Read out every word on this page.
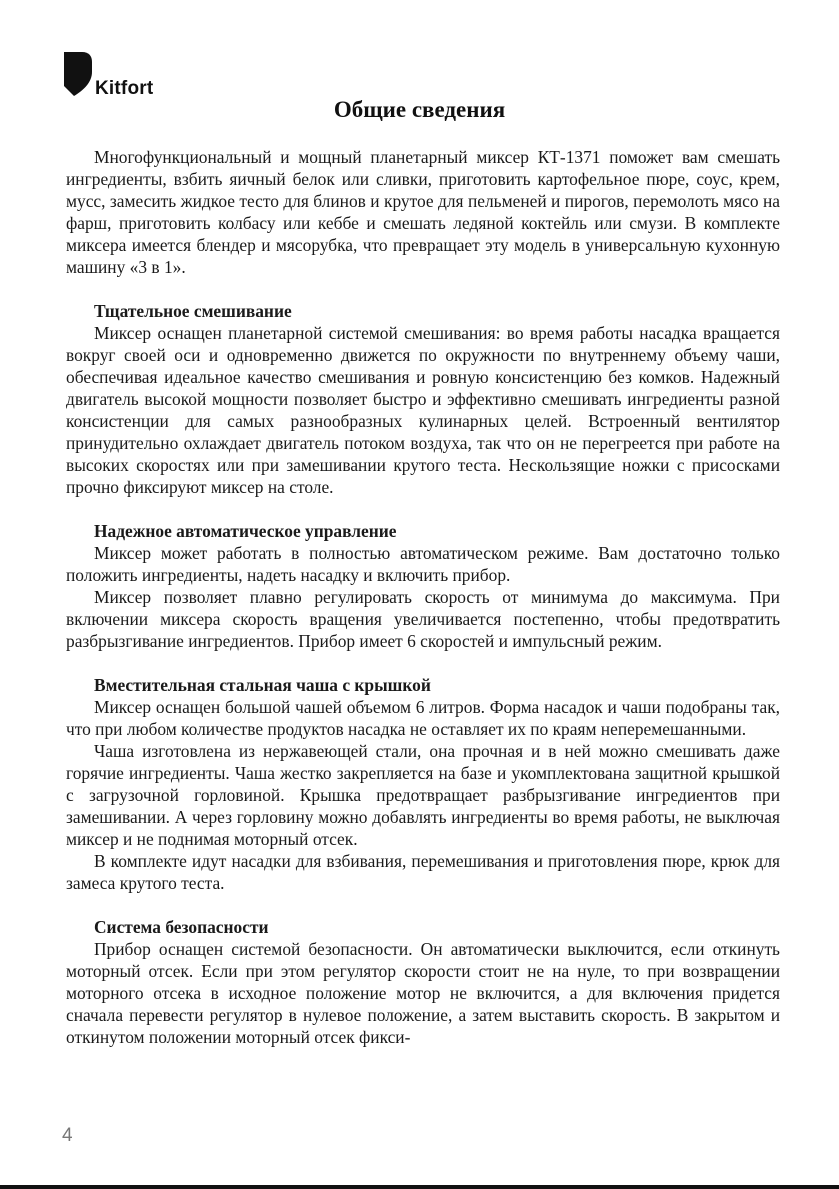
Kitfort
Общие сведения

Многофункциональный и мощный планетарный миксер КТ-1371 поможет вам смешать ингредиенты, взбить яичный белок или сливки, приготовить картофельное пюре, соус, крем, мусс, замесить жидкое тесто для блинов и крутое для пельменей и пирогов, перемолоть мясо на фарш, приготовить колбасу или кеббе и смешать ледяной коктейль или смузи. В комплекте миксера имеется блендер и мясорубка, что превращает эту модель в универсальную кухонную машину «3 в 1».

Тщательное смешивание

Миксер оснащен планетарной системой смешивания: во время работы насадка вращается вокруг своей оси и одновременно движется по окружности по внутреннему объему чаши, обеспечивая идеальное качество смешивания и ровную консистенцию без комков. Надежный двигатель высокой мощности позволяет быстро и эффективно смешивать ингредиенты разной консистенции для самых разнообразных кулинарных целей. Встроенный вентилятор принудительно охлаждает двигатель потоком воздуха, так что он не перегреется при работе на высоких скоростях или при замешивании крутого теста. Нескользящие ножки с присосками прочно фиксируют миксер на столе.

Надежное автоматическое управление

Миксер может работать в полностью автоматическом режиме. Вам достаточно только положить ингредиенты, надеть насадку и включить прибор.

Миксер позволяет плавно регулировать скорость от минимума до максимума. При включении миксера скорость вращения увеличивается постепенно, чтобы предотвратить разбрызгивание ингредиентов. Прибор имеет 6 скоростей и импульсный режим.

Вместительная стальная чаша с крышкой

Миксер оснащен большой чашей объемом 6 литров. Форма насадок и чаши подобраны так, что при любом количестве продуктов насадка не оставляет их по краям неперемешанными.

Чаша изготовлена из нержавеющей стали, она прочная и в ней можно смешивать даже горячие ингредиенты. Чаша жестко закрепляется на базе и укомплектована защитной крышкой с загрузочной горловиной. Крышка предотвращает разбрызгивание ингредиентов при замешивании. А через горловину можно добавлять ингредиенты во время работы, не выключая миксер и не поднимая моторный отсек.

В комплекте идут насадки для взбивания, перемешивания и приготовления пюре, крюк для замеса крутого теста.

Система безопасности

Прибор оснащен системой безопасности. Он автоматически выключится, если откинуть моторный отсек. Если при этом регулятор скорости стоит не на нуле, то при возвращении моторного отсека в исходное положение мотор не включится, а для включения придется сначала перевести регулятор в нулевое положение, а затем выставить скорость. В закрытом и откинутом положении моторный отсек фикси-

4
